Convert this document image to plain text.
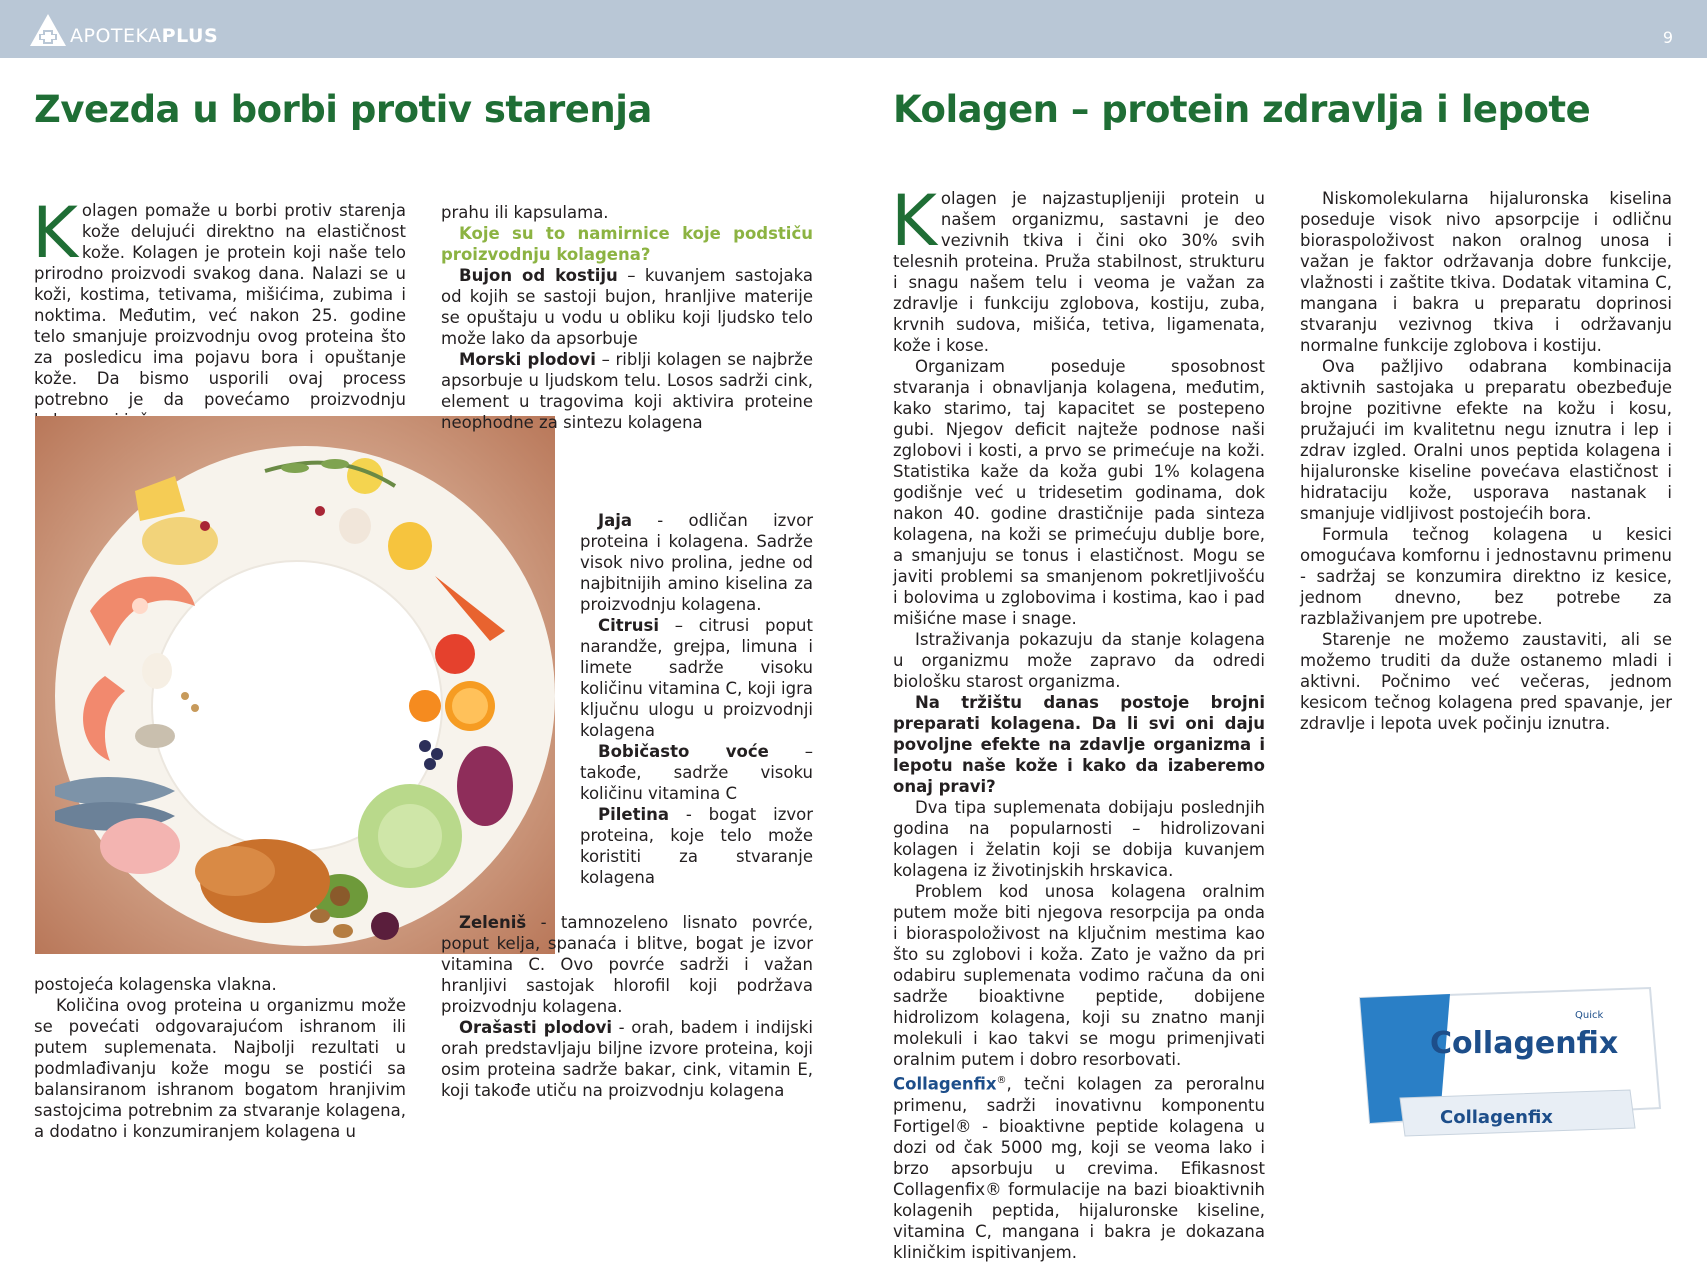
APOTEKAPLUS	9
Zvezda u borbi protiv starenja

Kolagen pomaže u borbi protiv starenja kože delujući direktno na elastičnost kože. Kolagen je protein koji naše telo prirodno proizvodi svakog dana. Nalazi se u koži, kostima, tetivama, mišićima, zubima i noktima. Međutim, već nakon 25. godine telo smanjuje proizvodnju ovog proteina što za posledicu ima pojavu bora i opuštanje kože. Da bismo usporili ovaj process potrebno je da povećamo proizvodnju

postojeća kolagenska vlakna.

Količina ovog proteina u organizmu može se povećati odgovarajućom ishranom ili putem suplemenata. Najbolji rezultati u podmlađivanju kože mogu se postići sa balansiranom ishranom bogatom hranjivim sastojcima potrebnim za stvaranje kolagena, a dodatno i konzumiranjem kolagena u

prahu ili kapsulama.

Koje su to namirnice koje podstiču proizvodnju kolagena?

Bujon od kostiju – kuvanjem sastojaka od kojih se sastoji bujon, hranljive materije se opuštaju u vodu u obliku koji ljudsko telo može lako da apsorbuje

Morski plodovi – riblji kolagen se najbrže apsorbuje u ljudskom telu. Losos sadrži cink, element u tragovima koji aktivira proteine neophodne za sintezu kolagena

Jaja - odličan izvor proteina i kolagena. Sadrže visok nivo prolina, jedne od najbitnijih amino kiselina za proizvodnju kolagena.

Citrusi – citrusi poput narandže, grejpa, limuna i limete sadrže visoku količinu vitamina C, koji igra ključnu ulogu u proizvodnji kolagena

Bobičasto voće – takođe, sadrže visoku količinu vitamina C

Piletina - bogat izvor proteina, koje telo može koristiti za stvaranje kolagena

Zeleniš - tamnozeleno lisnato povrće, poput kelja, spanaća i blitve, bogat je izvor vitamina C. Ovo povrće sadrži i važan hranljivi sastojak hlorofil koji podržava proizvodnju kolagena.

Orašasti plodovi - orah, badem i indijski orah predstavljaju biljne izvore proteina, koji osim proteina sadrže bakar, cink, vitamin E, koji takođe utiču na proizvodnju kolagena

Kolagen – protein zdravlja i lepote

Kolagen je najzastupljeniji protein u našem organizmu, sastavni je deo vezivnih tkiva i čini oko 30% svih telesnih proteina. Pruža stabilnost, strukturu i snagu našem telu i veoma je važan za zdravlje i funkciju zglobova, kostiju, zuba, krvnih sudova, mišića, tetiva, ligamenata, kože i kose.

Organizam poseduje sposobnost stvaranja i obnavljanja kolagena, međutim, kako starimo, taj kapacitet se postepeno gubi. Njegov deficit najteže podnose naši zglobovi i kosti, a prvo se primećuje na koži. Statistika kaže da koža gubi 1% kolagena godišnje već u tridesetim godinama, dok nakon 40. godine drastičnije pada sinteza kolagena, na koži se primećuju dublje bore, a smanjuju se tonus i elastičnost. Mogu se javiti problemi sa smanjenom pokretljivošću i bolovima u zglobovima i kostima, kao i pad mišićne mase i snage.

Istraživanja pokazuju da stanje kolagena u organizmu može zapravo da odredi biološku starost organizma.

Na tržištu danas postoje brojni preparati kolagena. Da li svi oni daju povoljne efekte na zdavlje organizma i lepotu naše kože i kako da izaberemo onaj pravi?

Dva tipa suplemenata dobijaju poslednjih godina na popularnosti – hidrolizovani kolagen i želatin koji se dobija kuvanjem kolagena iz životinjskih hrskavica.

Problem kod unosa kolagena oralnim putem može biti njegova resorpcija pa onda i bioraspoloživost na ključnim mestima kao što su zglobovi i koža. Zato je važno da pri odabiru suplemenata vodimo računa da oni sadrže bioaktivne peptide, dobijene hidrolizom kolagena, koji su znatno manji molekuli i kao takvi se mogu primenjivati oralnim putem i dobro resorbovati.

Collagenfix®, tečni kolagen za peroralnu primenu, sadrži inovativnu komponentu Fortigel® - bioaktivne peptide kolagena u dozi od čak 5000 mg, koji se veoma lako i brzo apsorbuju u crevima. Efikasnost Collagenfix® formulacije na bazi bioaktivnih kolagenih peptida, hijaluronske kiseline, vitamina C, mangana i bakra je dokazana kliničkim ispitivanjem.

Niskomolekularna hijaluronska kiselina poseduje visok nivo apsorpcije i odličnu bioraspoloživost nakon oralnog unosa i važan je faktor održavanja dobre funkcije, vlažnosti i zaštite tkiva. Dodatak vitamina C, mangana i bakra u preparatu doprinosi stvaranju vezivnog tkiva i održavanju normalne funkcije zglobova i kostiju.

Ova pažljivo odabrana kombinacija aktivnih sastojaka u preparatu obezbeđuje brojne pozitivne efekte na kožu i kosu, pružajući im kvalitetnu negu iznutra i lep i zdrav izgled. Oralni unos peptida kolagena i hijaluronske kiseline povećava elastičnost i hidrataciju kože, usporava nastanak i smanjuje vidljivost postojećih bora.

Formula tečnog kolagena u kesici omogućava komfornu i jednostavnu primenu - sadržaj se konzumira direktno iz kesice, jednom dnevno, bez potrebe za razblaživanjem pre upotrebe.

Starenje ne možemo zaustaviti, ali se možemo truditi da duže ostanemo mladi i aktivni. Počnimo već večeras, jednom kesicom tečnog kolagena pred spavanje, jer zdravlje i lepota uvek počinju iznutra.

Quick
Collagenfix
Collagenfix
